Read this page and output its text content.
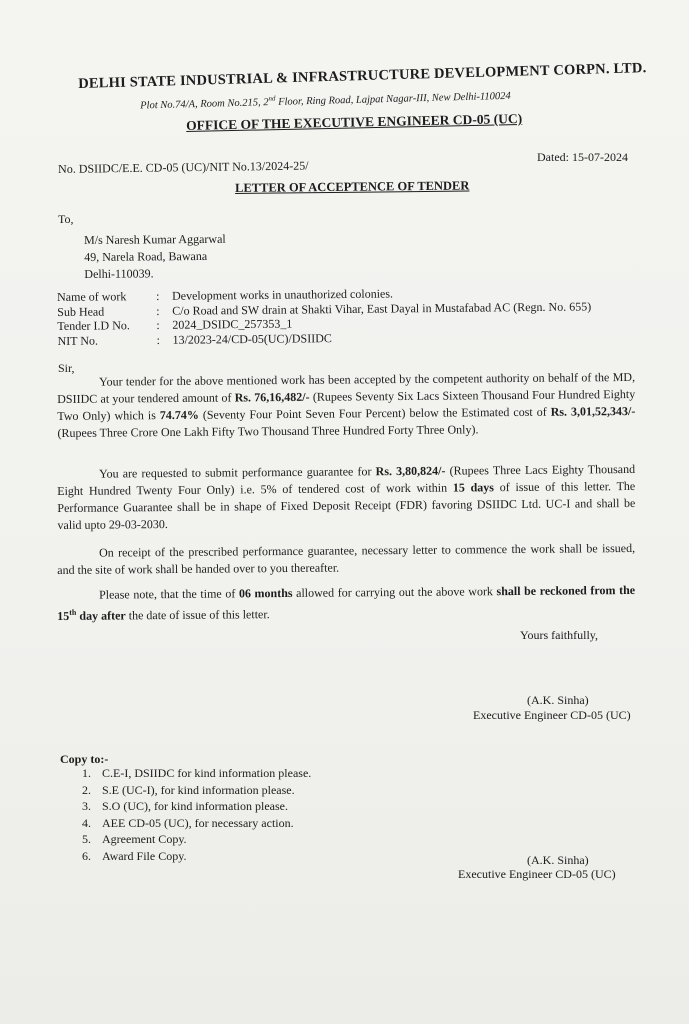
DELHI STATE INDUSTRIAL & INFRASTRUCTURE DEVELOPMENT CORPN. LTD.
Plot No.74/A, Room No.215, 2nd Floor, Ring Road, Lajpat Nagar-III, New Delhi-110024
OFFICE OF THE EXECUTIVE ENGINEER CD-05 (UC)
No. DSIIDC/E.E. CD-05 (UC)/NIT No.13/2024-25/
Dated: 15-07-2024
LETTER OF ACCEPTENCE OF TENDER
To,
M/s Naresh Kumar Aggarwal
49, Narela Road, Bawana
Delhi-110039.
Name of work : Development works in unauthorized colonies.
Sub Head	: C/o Road and SW drain at Shakti Vihar, East Dayal in Mustafabad AC (Regn. No. 655)
Tender I.D No. : 2024_DSIDC_257353_1
NIT No.	: 13/2023-24/CD-05(UC)/DSIIDC
Sir,
Your tender for the above mentioned work has been accepted by the competent authority on behalf of the MD, DSIIDC at your tendered amount of Rs. 76,16,482/- (Rupees Seventy Six Lacs Sixteen Thousand Four Hundred Eighty Two Only) which is 74.74% (Seventy Four Point Seven Four Percent) below the Estimated cost of Rs. 3,01,52,343/- (Rupees Three Crore One Lakh Fifty Two Thousand Three Hundred Forty Three Only).
You are requested to submit performance guarantee for Rs. 3,80,824/- (Rupees Three Lacs Eighty Thousand Eight Hundred Twenty Four Only) i.e. 5% of tendered cost of work within 15 days of issue of this letter. The Performance Guarantee shall be in shape of Fixed Deposit Receipt (FDR) favoring DSIIDC Ltd. UC-I and shall be valid upto 29-03-2030.
On receipt of the prescribed performance guarantee, necessary letter to commence the work shall be issued, and the site of work shall be handed over to you thereafter.
Please note, that the time of 06 months allowed for carrying out the above work shall be reckoned from the 15th day after the date of issue of this letter.
Yours faithfully,
(A.K. Sinha)
Executive Engineer CD-05 (UC)
Copy to:-
1. C.E-I, DSIIDC for kind information please.
2. S.E (UC-I), for kind information please.
3. S.O (UC), for kind information please.
4. AEE CD-05 (UC), for necessary action.
5. Agreement Copy.
6. Award File Copy.	(A.K. Sinha)
Executive Engineer CD-05 (UC)
